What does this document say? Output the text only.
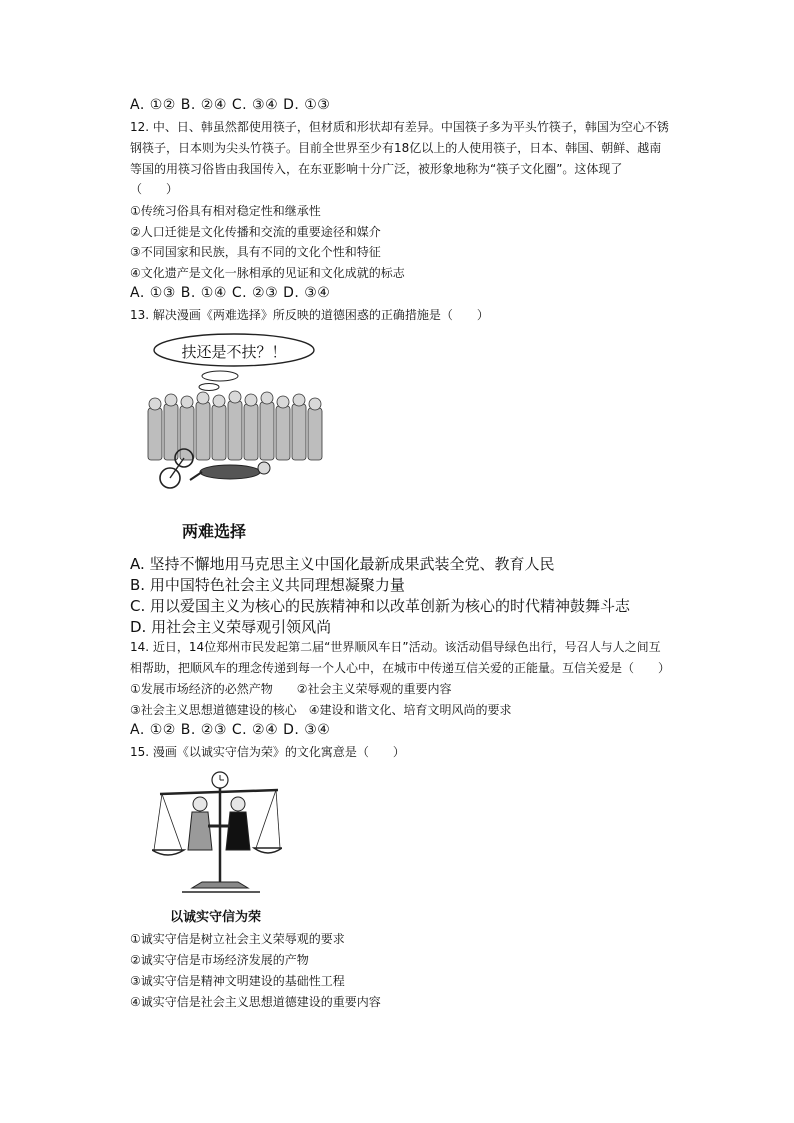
A. ①② B. ②④ C. ③④ D. ①③
12. 中、日、韩虽然都使用筷子，但材质和形状却有差异。中国筷子多为平头竹筷子，韩国为空心不锈
钢筷子，日本则为尖头竹筷子。目前全世界至少有18亿以上的人使用筷子，日本、韩国、朝鲜、越南
等国的用筷习俗皆由我国传入，在东亚影响十分广泛，被形象地称为“筷子文化圈”。这体现了
（　　）
①传统习俗具有相对稳定性和继承性
②人口迁徙是文化传播和交流的重要途径和媒介
③不同国家和民族，具有不同的文化个性和特征
④文化遗产是文化一脉相承的见证和文化成就的标志
A. ①③ B. ①④ C. ②③ D. ③④
13. 解决漫画《两难选择》所反映的道德困惑的正确措施是（　　）
扶还是不扶？！
两难选择
A. 坚持不懈地用马克思主义中国化最新成果武装全党、教育人民
B. 用中国特色社会主义共同理想凝聚力量
C. 用以爱国主义为核心的民族精神和以改革创新为核心的时代精神鼓舞斗志
D. 用社会主义荣辱观引领风尚
14. 近日，14位郑州市民发起第二届“世界顺风车日”活动。该活动倡导绿色出行，号召人与人之间互
相帮助，把顺风车的理念传递到每一个人心中，在城市中传递互信关爱的正能量。互信关爱是（　　）
①发展市场经济的必然产物　　②社会主义荣辱观的重要内容
③社会主义思想道德建设的核心　④建设和谐文化、培育文明风尚的要求
A. ①② B. ②③ C. ②④ D. ③④
15. 漫画《以诚实守信为荣》的文化寓意是（　　）
以诚实守信为荣
①诚实守信是树立社会主义荣辱观的要求
②诚实守信是市场经济发展的产物
③诚实守信是精神文明建设的基础性工程
④诚实守信是社会主义思想道德建设的重要内容
